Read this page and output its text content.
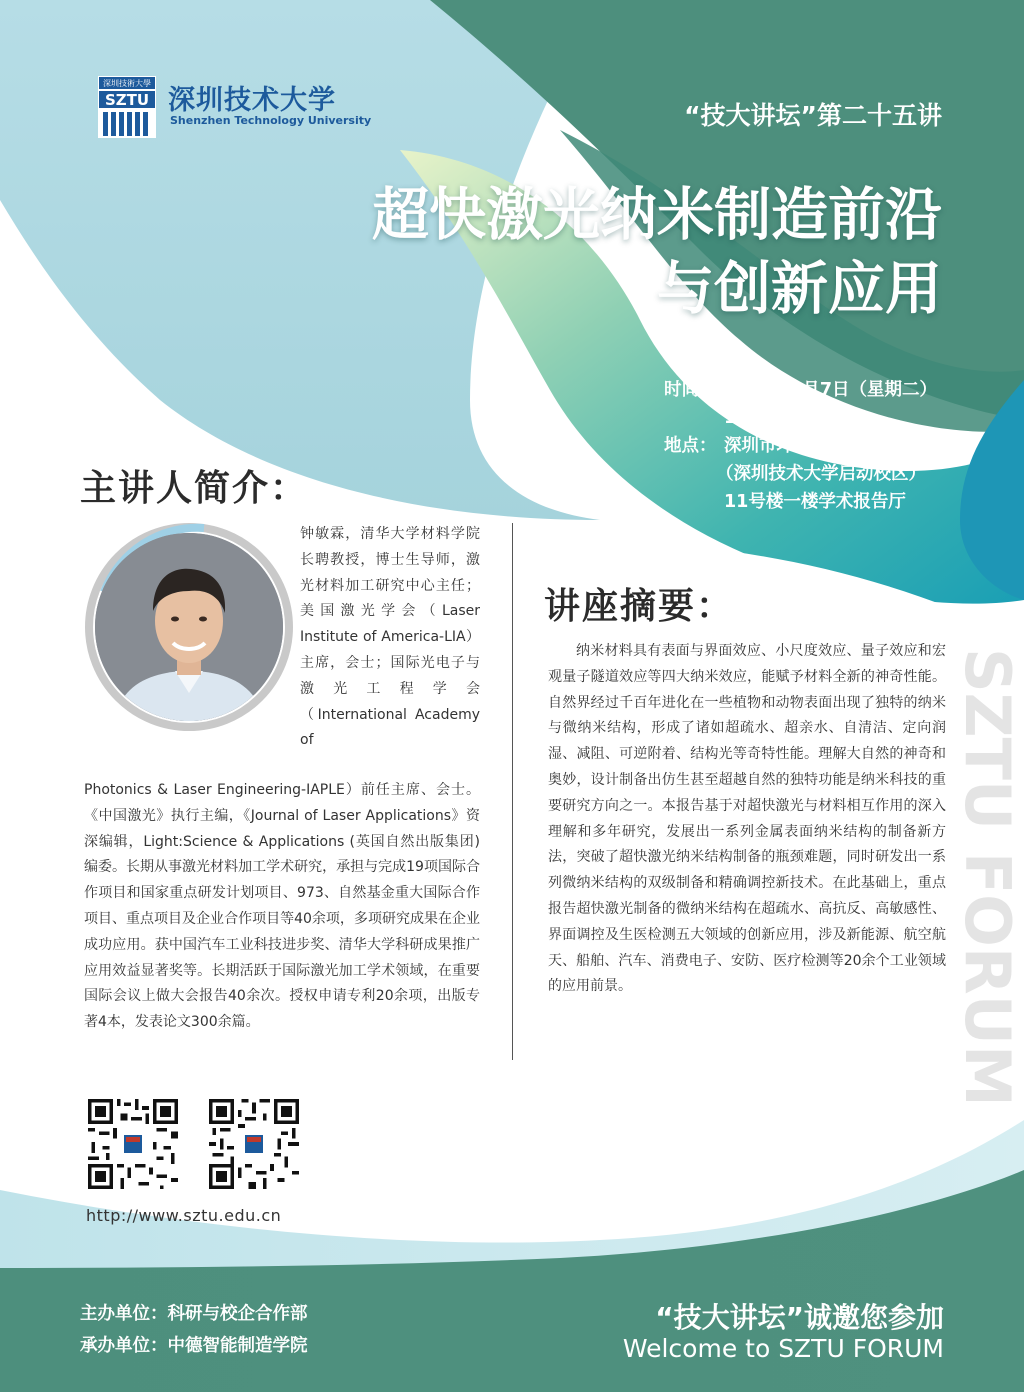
深圳技術大學
SZTU 深圳技术大学
Shenzhen Technology University	“技大讲坛”第二十五讲
超快激光纳米制造前沿
与创新应用
时间： 2019年5月7日（星期二）
15:00-17:10
地点： 深圳市坪山区创景路13号
（深圳技术大学启动校区）
11号楼一楼学术报告厅
主讲人简介：
钟敏霖，清华大学材料学院长聘教授，博士生导师，激光材料加工研究中心主任；美国激光学会（Laser Institute of America-LIA）主席，会士；国际光电子与激光工程学会（International Academy of
Photonics & Laser Engineering-IAPLE）前任主席、会士。《中国激光》执行主编，《Journal of Laser Applications》资深编辑，Light:Science & Applications (英国自然出版集团)编委。长期从事激光材料加工学术研究，承担与完成19项国际合作项目和国家重点研发计划项目、973、自然基金重大国际合作项目、重点项目及企业合作项目等40余项，多项研究成果在企业成功应用。获中国汽车工业科技进步奖、清华大学科研成果推广应用效益显著奖等。长期活跃于国际激光加工学术领域，在重要国际会议上做大会报告40余次。授权申请专利20余项，出版专著4本，发表论文300余篇。
讲座摘要：
纳米材料具有表面与界面效应、小尺度效应、量子效应和宏观量子隧道效应等四大纳米效应，能赋予材料全新的神奇性能。自然界经过千百年进化在一些植物和动物表面出现了独特的纳米与微纳米结构，形成了诸如超疏水、超亲水、自清洁、定向润湿、减阻、可逆附着、结构光等奇特性能。理解大自然的神奇和奥妙，设计制备出仿生甚至超越自然的独特功能是纳米科技的重要研究方向之一。本报告基于对超快激光与材料相互作用的深入理解和多年研究，发展出一系列金属表面纳米结构的制备新方法，突破了超快激光纳米结构制备的瓶颈难题，同时研发出一系列微纳米结构的双级制备和精确调控新技术。在此基础上，重点报告超快激光制备的微纳米结构在超疏水、高抗反、高敏感性、界面调控及生医检测五大领域的创新应用，涉及新能源、航空航天、船舶、汽车、消费电子、安防、医疗检测等20余个工业领域的应用前景。	SZTU FORUM
http://www.sztu.edu.cn
主办单位：科研与校企合作部
承办单位：中德智能制造学院
“技大讲坛”诚邀您参加
Welcome to SZTU FORUM
